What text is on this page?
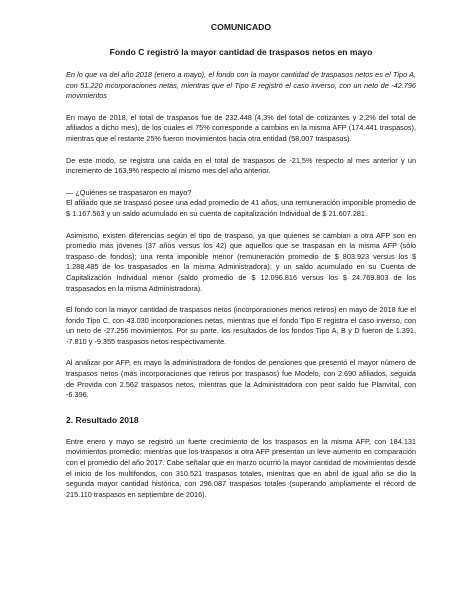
COMUNICADO
Fondo C registró la mayor cantidad de traspasos netos en mayo

En lo que va del año 2018 (enero a mayo), el fondo con la mayor cantidad de traspasos netos es el Tipo A, con 51.220 incorporaciones netas, mientras que el Tipo E registró el caso inverso, con un neto de -42.796 movimientos

En mayo de 2018, el total de traspasos fue de 232.448 (4,3% del total de cotizantes y 2,2% del total de afiliados a dicho mes), de los cuales el 75% corresponde a cambios en la misma AFP (174.441 traspasos), mientras que el restante 25% fueron movimientos hacia otra entidad (58.007 traspasos).

De este modo, se registra una caída en el total de traspasos de -21,5% respecto al mes anterior y un incremento de 163,9% respecto al mismo mes del año anterior.

— ¿Quiénes se traspasaron en mayo?

El afiliado que se traspasó posee una edad promedio de 41 años, una remuneración imponible promedio de $ 1.167.563 y un saldo acumulado en su cuenta de capitalización Individual de $ 21.607.281.

Asimismo, existen diferencias según el tipo de traspaso, ya que quienes se cambian a otra AFP son en promedio más jóvenes (37 años versus los 42) que aquellos que se traspasan en la misma AFP (sólo traspaso de fondos); una renta imponible menor (remuneración promedio de $ 803.923 versus los $ 1.288.485 de los traspasados en la misma Administradora); y un saldo acumulado en su Cuenta de Capitalización Individual menor (saldo promedio de $ 12.096.816 versus los $ 24.769.803 de los traspasados en la misma Administradora).

El fondo con la mayor cantidad de traspasos netos (incorporaciones menos retiros) en mayo de 2018 fue el fondo Tipo C, con 43.030 incorporaciones netas, mientras que el fondo Tipo E registra el caso inverso, con un neto de -27.256 movimientos. Por su parte, los resultados de los fondos Tipo A, B y D fueron de 1.391, -7.810 y -9.355 traspasos netos respectivamente.

Al analizar por AFP, en mayo la administradora de fondos de pensiones que presentó el mayor número de traspasos netos (más incorporaciones que retiros por traspasos) fue Modelo, con 2.690 afiliados, seguida de Provida con 2.562 traspasos netos, mientras que la Administradora con peor saldo fue Planvital, con -6.396.

2. Resultado 2018

Entre enero y mayo se registró un fuerte crecimiento de los traspasos en la misma AFP, con 184.131 movimientos promedio; mientras que los traspasos a otra AFP presentan un leve aumento en comparación con el promedio del año 2017. Cabe señalar que en marzo ocurrió la mayor cantidad de movimientos desde el inicio de los multifondos, con 310.521 traspasos totales, mientras que en abril de igual año se dio la segunda mayor cantidad histórica, con 296.087 traspasos totales (superando ampliamente el récord de 215.110 traspasos en septiembre de 2016).
